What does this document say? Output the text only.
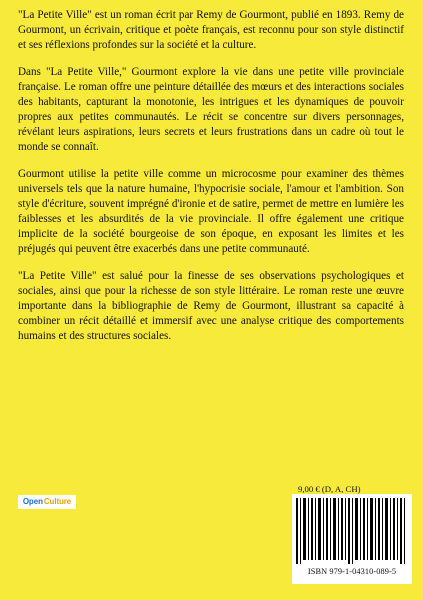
"La Petite Ville" est un roman écrit par Remy de Gourmont, publié en 1893. Remy de Gourmont, un écrivain, critique et poète français, est reconnu pour son style distinctif et ses réflexions profondes sur la société et la culture.

Dans "La Petite Ville," Gourmont explore la vie dans une petite ville provinciale française. Le roman offre une peinture détaillée des mœurs et des interactions sociales des habitants, capturant la monotonie, les intrigues et les dynamiques de pouvoir propres aux petites communautés. Le récit se concentre sur divers personnages, révélant leurs aspirations, leurs secrets et leurs frustrations dans un cadre où tout le monde se connaît.

Gourmont utilise la petite ville comme un microcosme pour examiner des thèmes universels tels que la nature humaine, l'hypocrisie sociale, l'amour et l'ambition. Son style d'écriture, souvent imprégné d'ironie et de satire, permet de mettre en lumière les faiblesses et les absurdités de la vie provinciale. Il offre également une critique implicite de la société bourgeoise de son époque, en exposant les limites et les préjugés qui peuvent être exacerbés dans une petite communauté.

"La Petite Ville" est salué pour la finesse de ses observations psychologiques et sociales, ainsi que pour la richesse de son style littéraire. Le roman reste une œuvre importante dans la bibliographie de Remy de Gourmont, illustrant sa capacité à combiner un récit détaillé et immersif avec une analyse critique des comportements humains et des structures sociales.

Open Culture
9,00 € (D, A, CH)
ISBN 979-1-04310-089-5
